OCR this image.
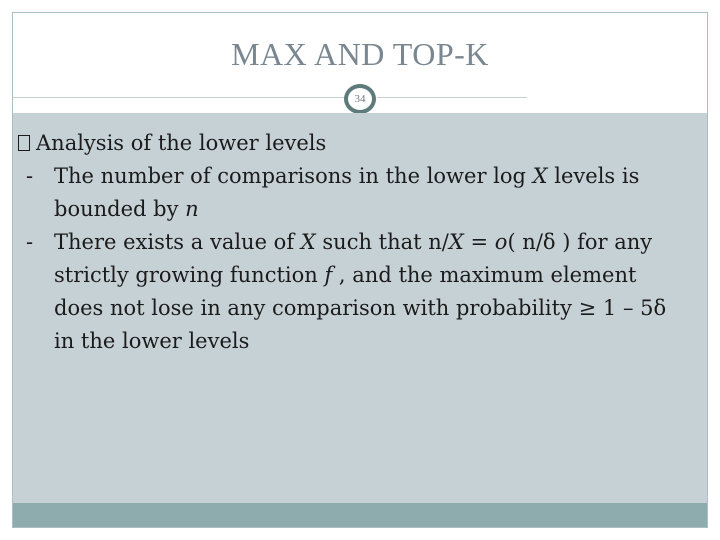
MAX AND TOP-K
34
Analysis of the lower levels
- The number of comparisons in the lower log X levels is bounded by n
- There exists a value of X such that n/X = o( n/δ ) for any strictly growing function f , and the maximum element does not lose in any comparison with probability ≥ 1 – 5δ in the lower levels
